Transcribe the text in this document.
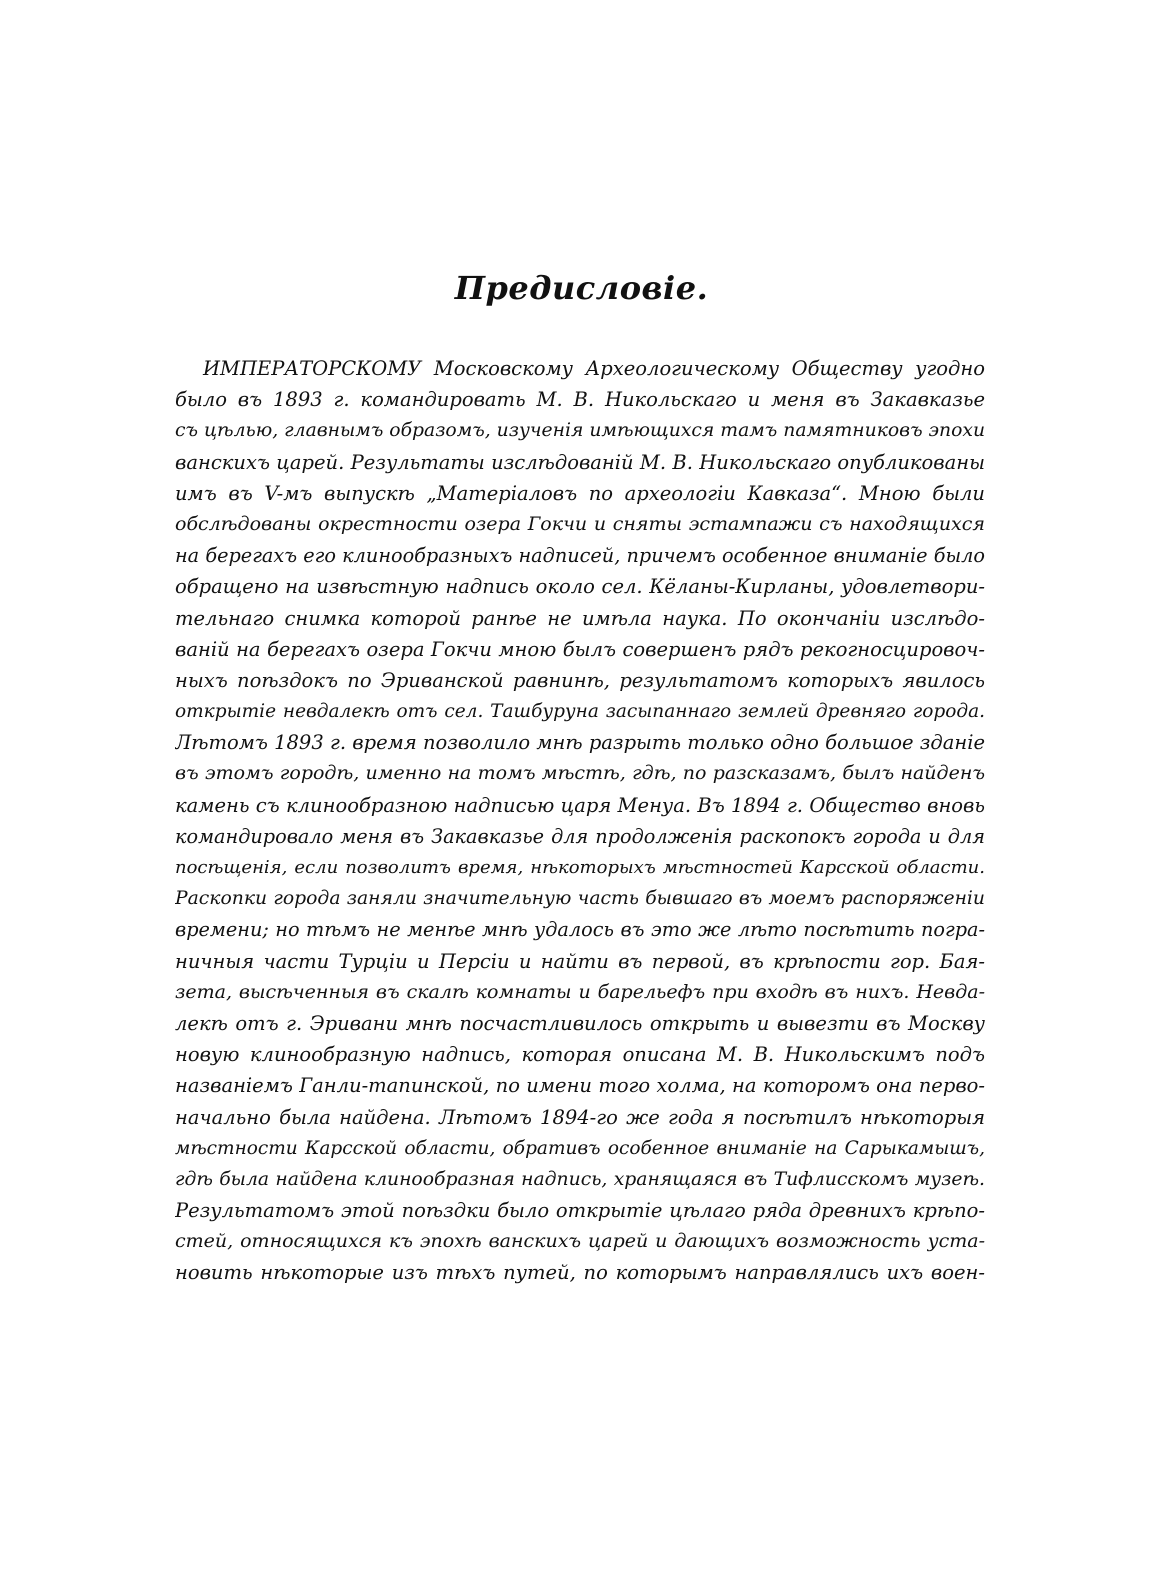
Предисловіе.
ИМПЕРАТОРСКОМУ Московскому Археологическому Обществу угодно
было въ 1893 г. командировать М. В. Никольскаго и меня въ Закавказье
съ цѣлью, главнымъ образомъ, изученія имѣющихся тамъ памятниковъ эпохи
ванскихъ царей. Результаты изслѣдованій М. В. Никольскаго опубликованы
имъ въ V-мъ выпускѣ „Матеріаловъ по археологіи Кавказа“. Мною были
обслѣдованы окрестности озера Гокчи и сняты эстампажи съ находящихся
на берегахъ его клинообразныхъ надписей, причемъ особенное вниманіе было
обращено на извѣстную надпись около сел. Кёланы-Кирланы, удовлетвори-
тельнаго снимка которой ранѣе не имѣла наука. По окончаніи изслѣдо-
ваній на берегахъ озера Гокчи мною былъ совершенъ рядъ рекогносцировоч-
ныхъ поѣздокъ по Эриванской равнинѣ, результатомъ которыхъ явилось
открытіе невдалекѣ отъ сел. Ташбуруна засыпаннаго землей древняго города.
Лѣтомъ 1893 г. время позволило мнѣ разрыть только одно большое зданіе
въ этомъ городѣ, именно на томъ мѣстѣ, гдѣ, по разсказамъ, былъ найденъ
камень съ клинообразною надписью царя Менуа. Въ 1894 г. Общество вновь
командировало меня въ Закавказье для продолженія раскопокъ города и для
посѣщенія, если позволитъ время, нѣкоторыхъ мѣстностей Карсской области.
Раскопки города заняли значительную часть бывшаго въ моемъ распоряженіи
времени; но тѣмъ не менѣе мнѣ удалось въ это же лѣто посѣтить погра-
ничныя части Турціи и Персіи и найти въ первой, въ крѣпости гор. Бая-
зета, высѣченныя въ скалѣ комнаты и барельефъ при входѣ въ нихъ. Невда-
лекѣ отъ г. Эривани мнѣ посчастливилось открыть и вывезти въ Москву
новую клинообразную надпись, которая описана М. В. Никольскимъ подъ
названіемъ Ганли-тапинской, по имени того холма, на которомъ она перво-
начально была найдена. Лѣтомъ 1894-го же года я посѣтилъ нѣкоторыя
мѣстности Карсской области, обративъ особенное вниманіе на Сарыкамышъ,
гдѣ была найдена клинообразная надпись, хранящаяся въ Тифлисскомъ музеѣ.
Результатомъ этой поѣздки было открытіе цѣлаго ряда древнихъ крѣпо-
стей, относящихся къ эпохѣ ванскихъ царей и дающихъ возможность уста-
новить нѣкоторые изъ тѣхъ путей, по которымъ направлялись ихъ воен-
